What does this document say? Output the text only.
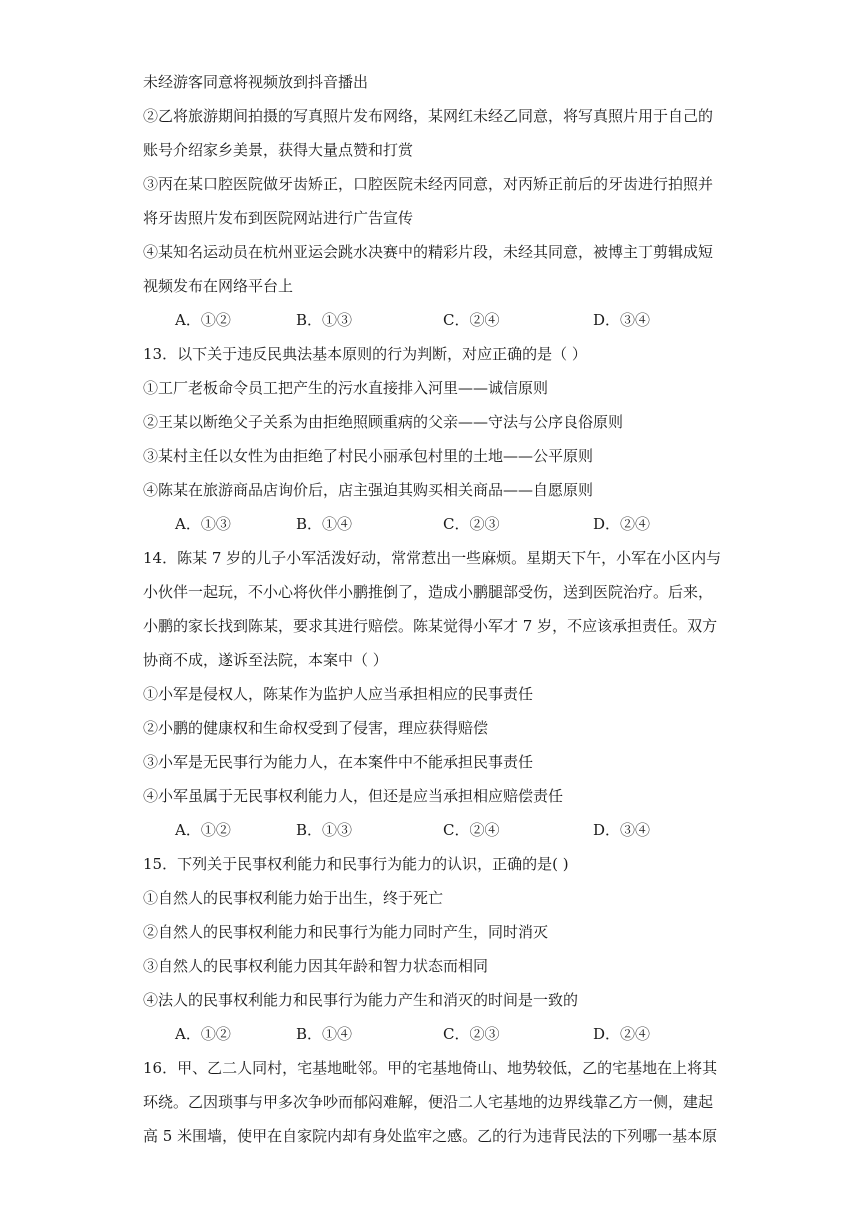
未经游客同意将视频放到抖音播出
②乙将旅游期间拍摄的写真照片发布网络，某网红未经乙同意，将写真照片用于自己的
账号介绍家乡美景，获得大量点赞和打赏
③丙在某口腔医院做牙齿矫正，口腔医院未经丙同意，对丙矫正前后的牙齿进行拍照并
将牙齿照片发布到医院网站进行广告宣传
④某知名运动员在杭州亚运会跳水决赛中的精彩片段，未经其同意，被博主丁剪辑成短
视频发布在网络平台上
A．①②	B．①③	C．②④	D．③④
13．以下关于违反民典法基本原则的行为判断，对应正确的是（ ）
①工厂老板命令员工把产生的污水直接排入河里——诚信原则
②王某以断绝父子关系为由拒绝照顾重病的父亲——守法与公序良俗原则
③某村主任以女性为由拒绝了村民小丽承包村里的土地——公平原则
④陈某在旅游商品店询价后，店主强迫其购买相关商品——自愿原则
A．①③	B．①④	C．②③	D．②④
14．陈某 7 岁的儿子小军活泼好动，常常惹出一些麻烦。星期天下午，小军在小区内与
小伙伴一起玩，不小心将伙伴小鹏推倒了，造成小鹏腿部受伤，送到医院治疗。后来，
小鹏的家长找到陈某，要求其进行赔偿。陈某觉得小军才 7 岁，不应该承担责任。双方
协商不成，遂诉至法院，本案中（ ）
①小军是侵权人，陈某作为监护人应当承担相应的民事责任
②小鹏的健康权和生命权受到了侵害，理应获得赔偿
③小军是无民事行为能力人，在本案件中不能承担民事责任
④小军虽属于无民事权利能力人，但还是应当承担相应赔偿责任
A．①②	B．①③	C．②④	D．③④
15．下列关于民事权利能力和民事行为能力的认识，正确的是( )
①自然人的民事权利能力始于出生，终于死亡
②自然人的民事权利能力和民事行为能力同时产生，同时消灭
③自然人的民事权利能力因其年龄和智力状态而相同
④法人的民事权利能力和民事行为能力产生和消灭的时间是一致的
A．①②	B．①④	C．②③	D．②④
16．甲、乙二人同村，宅基地毗邻。甲的宅基地倚山、地势较低，乙的宅基地在上将其
环绕。乙因琐事与甲多次争吵而郁闷难解，便沿二人宅基地的边界线靠乙方一侧，建起
高 5 米围墙，使甲在自家院内却有身处监牢之感。乙的行为违背民法的下列哪一基本原
